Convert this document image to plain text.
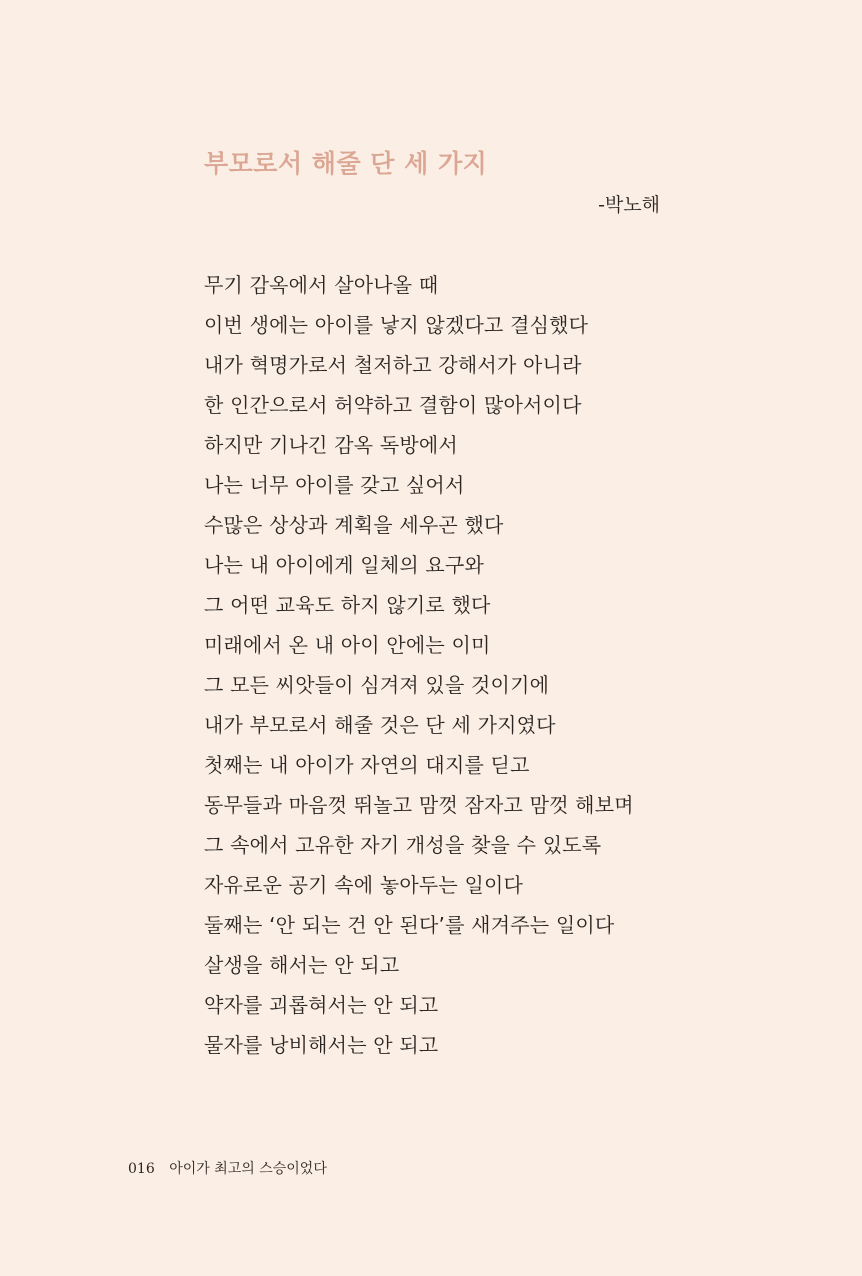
부모로서 해줄 단 세 가지
-박노해
무기 감옥에서 살아나올 때
이번 생에는 아이를 낳지 않겠다고 결심했다
내가 혁명가로서 철저하고 강해서가 아니라
한 인간으로서 허약하고 결함이 많아서이다
하지만 기나긴 감옥 독방에서
나는 너무 아이를 갖고 싶어서
수많은 상상과 계획을 세우곤 했다
나는 내 아이에게 일체의 요구와
그 어떤 교육도 하지 않기로 했다
미래에서 온 내 아이 안에는 이미
그 모든 씨앗들이 심겨져 있을 것이기에
내가 부모로서 해줄 것은 단 세 가지였다
첫째는 내 아이가 자연의 대지를 딛고
동무들과 마음껏 뛰놀고 맘껏 잠자고 맘껏 해보며
그 속에서 고유한 자기 개성을 찾을 수 있도록
자유로운 공기 속에 놓아두는 일이다
둘째는 ‘안 되는 건 안 된다’를 새겨주는 일이다
살생을 해서는 안 되고
약자를 괴롭혀서는 안 되고
물자를 낭비해서는 안 되고
016 아이가 최고의 스승이었다
